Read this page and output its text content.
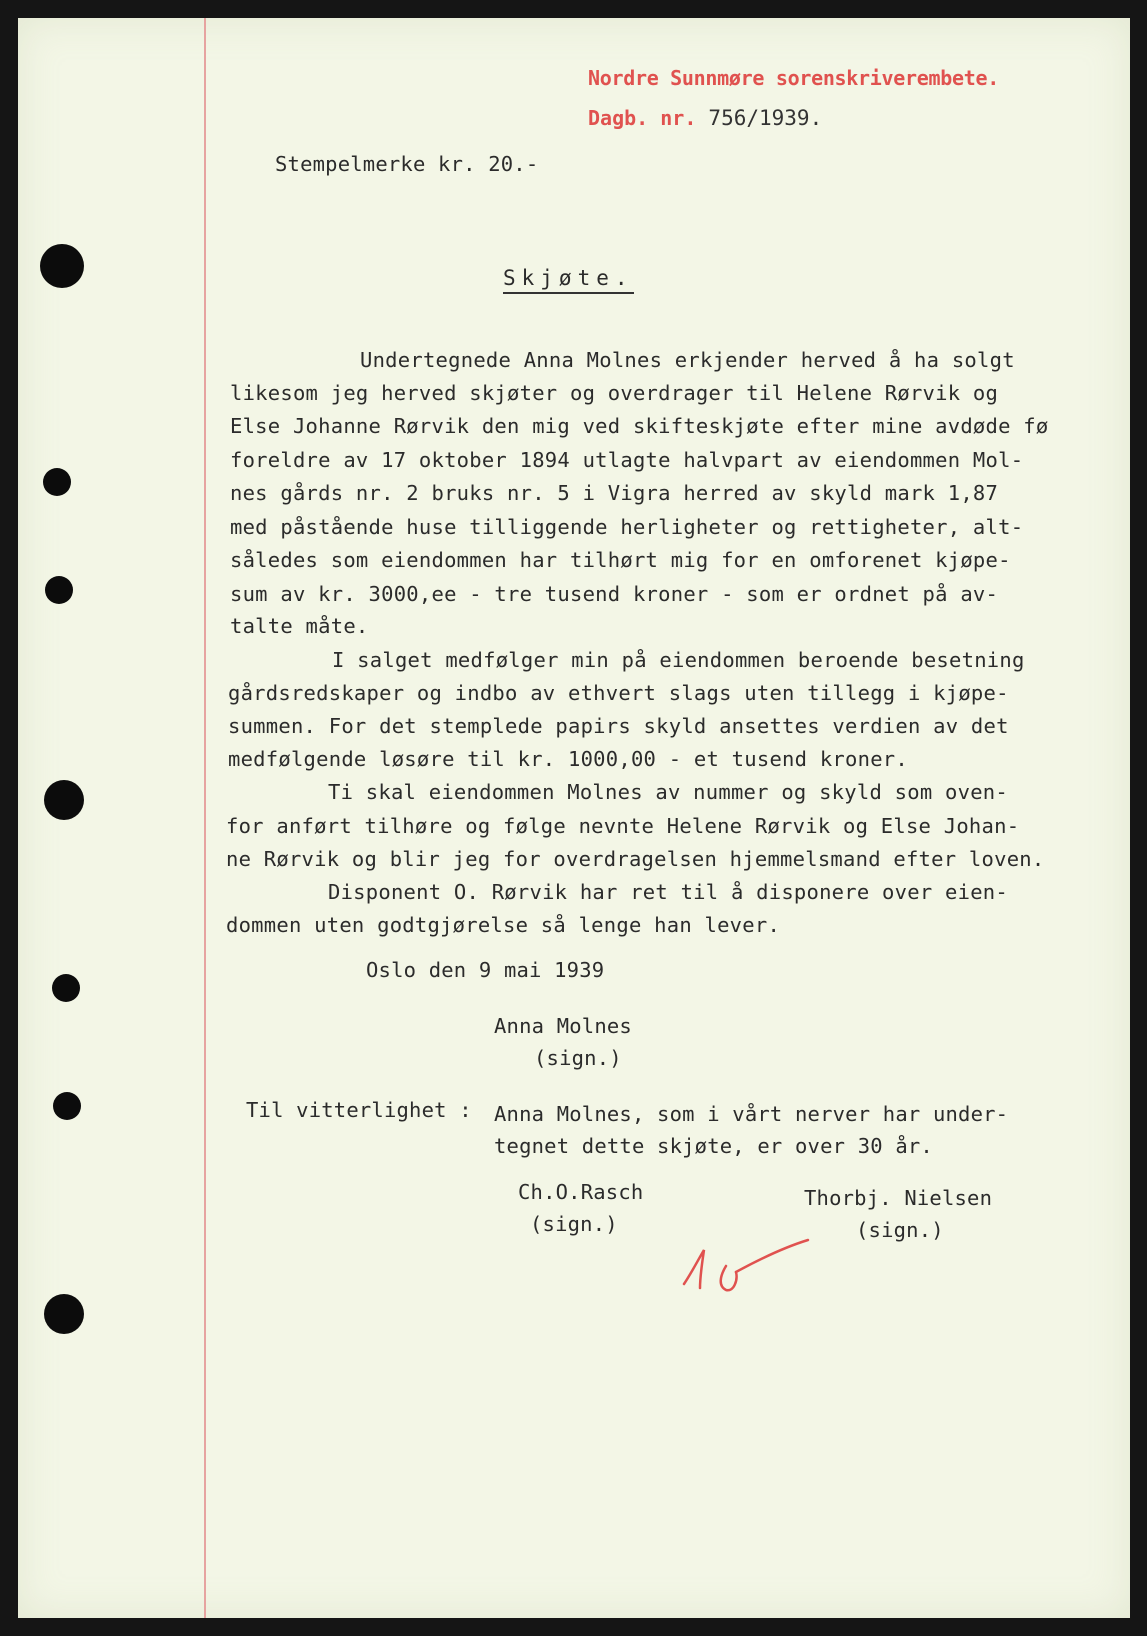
Nordre Sunnmøre sorenskriverembete.
Dagb. nr. 756/1939.
Stempelmerke kr. 20.-
Skjøte.
Undertegnede Anna Molnes erkjender herved å ha solgt
likesom jeg herved skjøter og overdrager til Helene Rørvik og
Else Johanne Rørvik den mig ved skifteskjøte efter mine avdøde fø
foreldre av 17 oktober 1894 utlagte halvpart av eiendommen Mol-
nes gårds nr. 2 bruks nr. 5 i Vigra herred av skyld mark 1,87
med påstående huse tilliggende herligheter og rettigheter, alt-
således som eiendommen har tilhørt mig for en omforenet kjøpe-
sum av kr. 3000,ee - tre tusend kroner - som er ordnet på av-
talte måte.
I salget medfølger min på eiendommen beroende besetning
gårdsredskaper og indbo av ethvert slags uten tillegg i kjøpe-
summen. For det stemplede papirs skyld ansettes verdien av det
medfølgende løsøre til kr. 1000,00 - et tusend kroner.
Ti skal eiendommen Molnes av nummer og skyld som oven-
for anført tilhøre og følge nevnte Helene Rørvik og Else Johan-
ne Rørvik og blir jeg for overdragelsen hjemmelsmand efter loven.
Disponent O. Rørvik har ret til å disponere over eien-
dommen uten godtgjørelse så lenge han lever.
Oslo den 9 mai 1939
Anna Molnes
(sign.)
Til vitterlighet : Anna Molnes, som i vårt nerver har under-
tegnet dette skjøte, er over 30 år.
Ch.O.Rasch
(sign.)
Thorbj. Nielsen
(sign.)
